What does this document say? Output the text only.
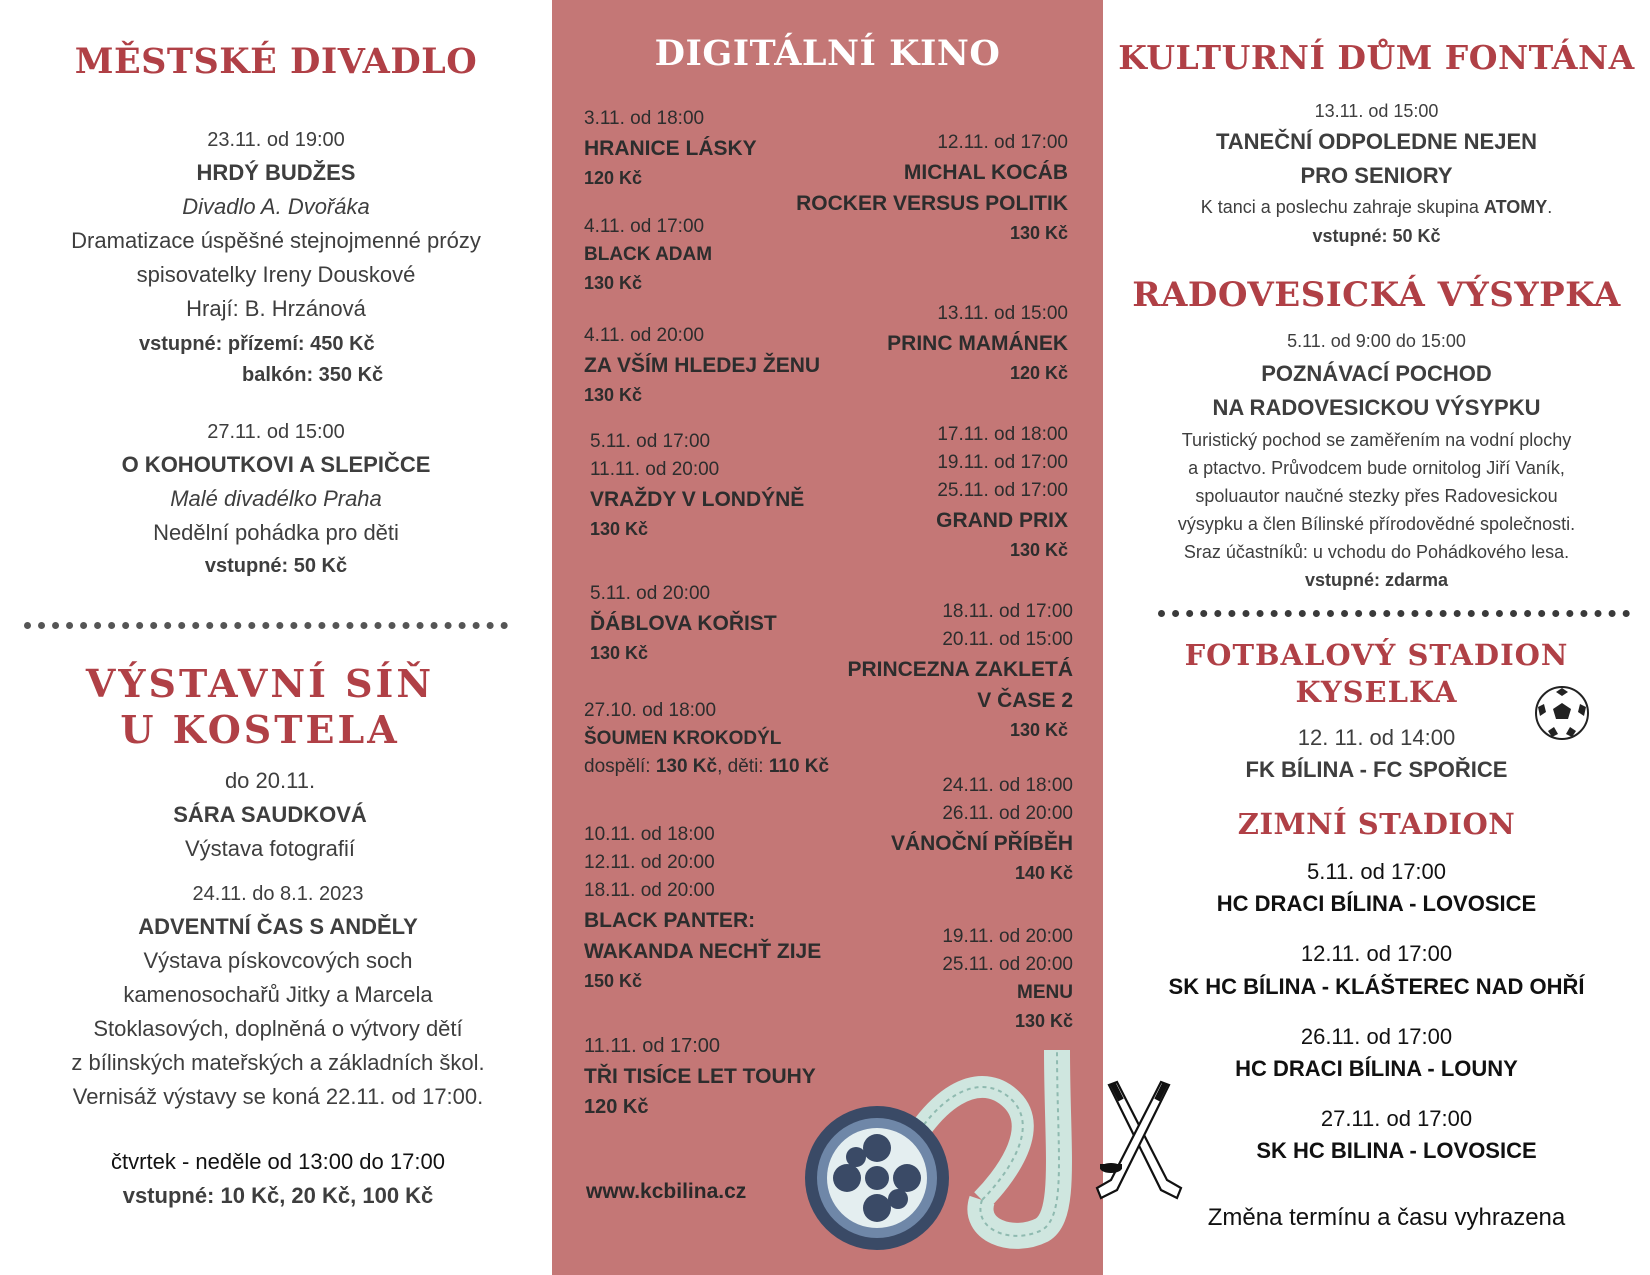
MĚSTSKÉ DIVADLO
23.11. od 19:00
HRDÝ BUDŽES
Divadlo A. Dvořáka
Dramatizace úspěšné stejnojmenné prózy
spisovatelky Ireny Douskové
Hrají: B. Hrzánová
vstupné: přízemí: 450 Kč
balkón: 350 Kč
27.11. od 15:00
O KOHOUTKOVI A SLEPIČCE
Malé divadélko Praha
Nedělní pohádka pro děti
vstupné: 50 Kč
VÝSTAVNÍ SÍŇ
U KOSTELA
do 20.11.
SÁRA SAUDKOVÁ
Výstava fotografií
24.11. do 8.1. 2023
ADVENTNÍ ČAS S ANDĚLY
Výstava pískovcových soch
kamenosochařů Jitky a Marcela
Stoklasových, doplněná o výtvory dětí
z bílinských mateřských a základních škol.
Vernisáž výstavy se koná 22.11. od 17:00.
čtvrtek - neděle od 13:00 do 17:00
vstupné: 10 Kč, 20 Kč, 100 Kč
DIGITÁLNÍ KINO
3.11. od 18:00
HRANICE LÁSKY
120 Kč
4.11. od 17:00
BLACK ADAM
130 Kč
4.11. od 20:00
ZA VŠÍM HLEDEJ ŽENU
130 Kč
5.11. od 17:00
11.11. od 20:00
VRAŽDY V LONDÝNĚ
130 Kč
5.11. od 20:00
ĎÁBLOVA KOŘIST
130 Kč
27.10. od 18:00
ŠOUMEN KROKODÝL
dospělí: 130 Kč, děti: 110 Kč
10.11. od 18:00
12.11. od 20:00
18.11. od 20:00
BLACK PANTER:
WAKANDA NECHŤ ZIJE
150 Kč
11.11. od 17:00
TŘI TISÍCE LET TOUHY
120 Kč
12.11. od 17:00
MICHAL KOCÁB
ROCKER VERSUS POLITIK
130 Kč
13.11. od 15:00
PRINC MAMÁNEK
120 Kč
17.11. od 18:00
19.11. od 17:00
25.11. od 17:00
GRAND PRIX
130 Kč
18.11. od 17:00
20.11. od 15:00
PRINCEZNA ZAKLETÁ
V ČASE 2
130 Kč
24.11. od 18:00
26.11. od 20:00
VÁNOČNÍ PŘÍBĚH
140 Kč
19.11. od 20:00
25.11. od 20:00
MENU
130 Kč
www.kcbilina.cz
KULTURNÍ DŮM FONTÁNA
13.11. od 15:00
TANEČNÍ ODPOLEDNE NEJEN
PRO SENIORY
K tanci a poslechu zahraje skupina ATOMY.
vstupné: 50 Kč
RADOVESICKÁ VÝSYPKA
5.11. od 9:00 do 15:00
POZNÁVACÍ POCHOD
NA RADOVESICKOU VÝSYPKU
Turistický pochod se zaměřením na vodní plochy
a ptactvo. Průvodcem bude ornitolog Jiří Vaník,
spoluautor naučné stezky přes Radovesickou
výsypku a člen Bílinské přírodovědné společnosti.
Sraz účastníků: u vchodu do Pohádkového lesa.
vstupné: zdarma
FOTBALOVÝ STADION
KYSELKA
12. 11. od 14:00
FK BÍLINA - FC SPOŘICE
ZIMNÍ STADION
5.11. od 17:00
HC DRACI BÍLINA - LOVOSICE
12.11. od 17:00
SK HC BÍLINA - KLÁŠTEREC NAD OHŘÍ
26.11. od 17:00
HC DRACI BÍLINA - LOUNY
27.11. od 17:00
SK HC BILINA - LOVOSICE
Změna termínu a času vyhrazena
